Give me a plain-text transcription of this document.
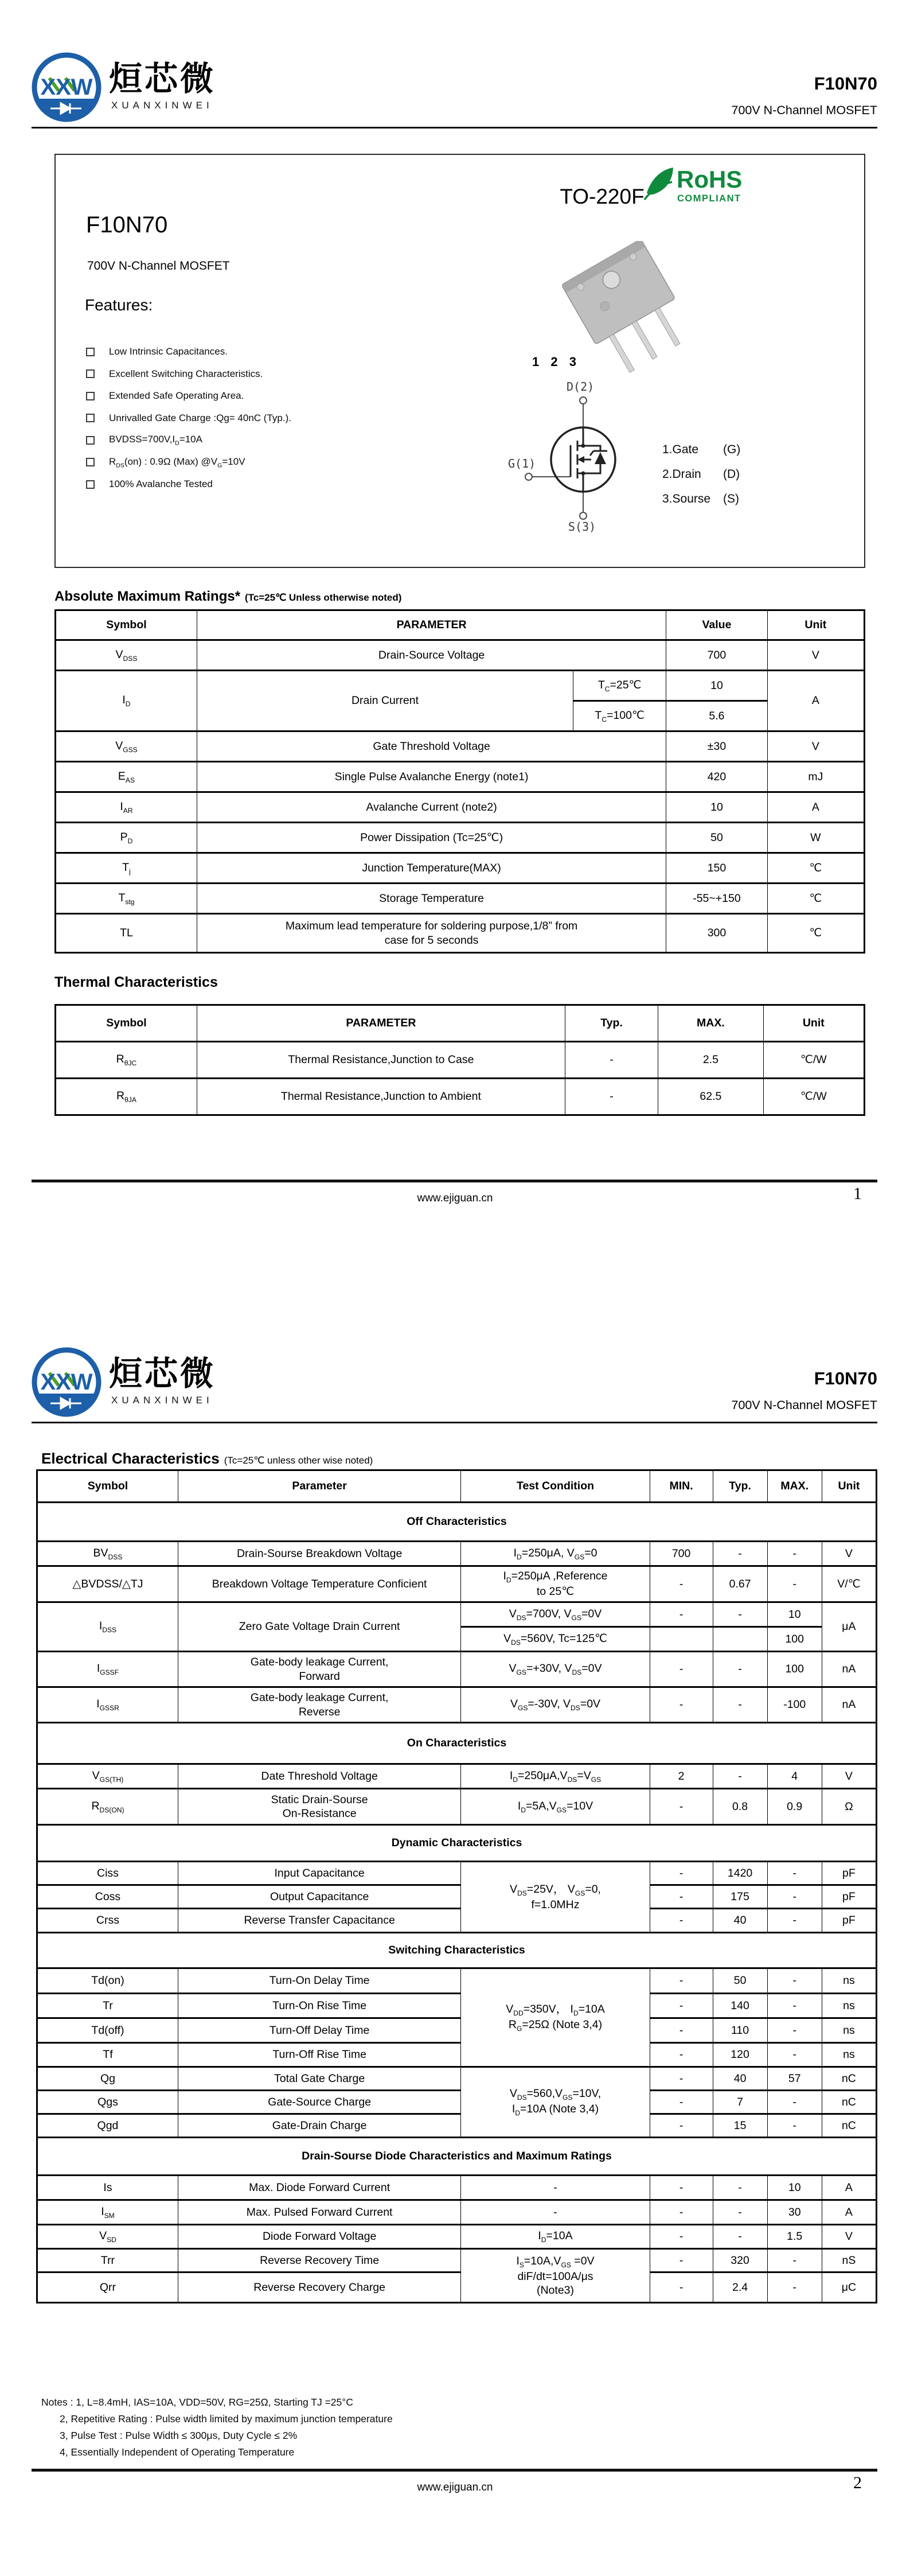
XXW 烜芯微
XUANXINWEI
F10N70
700V N-Channel MOSFET
F10N70
700V N-Channel MOSFET
Features:
Low Intrinsic Capacitances.
Excellent Switching Characteristics.
Extended Safe Operating Area.
Unrivalled Gate Charge :Qg= 40nC (Typ.).
$BVDSS=700V,I_D=10A$
$R_{DS}(on)$ : 0.9Ω (Max) $@V_G=10V$
100% Avalanche Tested
TO-220F
RoHS
COMPLIANT
1 2 3
D(2)
G(1)
S(3)
1.Gate	(G)
2.Drain	(D)
3.Sourse	(S)
Absolute Maximum Ratings* (Tc=25℃ Unless otherwise noted)
Symbol	PARAMETER		Value	Unit
$V_{DSS}$	Drain-Source Voltage		700	V
$I_D$	Drain Current	$T_C=25℃$	10	A
		$T_C=100℃$	5.6	
$V_{GSS}$	Gate Threshold Voltage		±30	V
$E_{AS}$	Single Pulse Avalanche Energy (note1)		420	mJ
$I_{AR}$	Avalanche Current (note2)		10	A
$P_D$	Power Dissipation (Tc=25℃)		50	W
$T_j$	Junction Temperature(MAX)		150	℃
$T_{stg}$	Storage Temperature		-55~+150	℃
TL	Maximum lead temperature for soldering purpose,1/8” from
case for 5 seconds		300	℃
Thermal Characteristics
Symbol	PARAMETER	Typ.	MAX.	Unit
$R_{\theta JC}$	Thermal Resistance,Junction to Case	-	2.5	℃/W
$R_{\theta JA}$	Thermal Resistance,Junction to Ambient	-	62.5	℃/W
www.ejiguan.cn	1
XXW 烜芯微
XUANXINWEI
F10N70
700V N-Channel MOSFET
Electrical Characteristics (Tc=25℃ unless other wise noted)
Symbol	Parameter	Test Condition	MIN.	Typ.	MAX.	Unit
Off Characteristics						
$BV_{DSS}$	Drain-Sourse Breakdown Voltage	$I_D=250\mu A$, $V_{GS}=0$	700	-	-	V
△BVDSS/△TJ	Breakdown Voltage Temperature Conficient	$I_D=250\mu A$ ,Reference
to 25℃	-	0.67	-	V/℃
$I_{DSS}$	Zero Gate Voltage Drain Current	$V_{DS}=700V$, $V_{GS}=0V$	-	-	10	μA
		$V_{DS}=560V$, Tc=125℃			100	
$I_{GSSF}$	Gate-body leakage Current,
Forward	$V_{GS}=+30V$, $V_{DS}=0V$	-	-	100	nA
$I_{GSSR}$	Gate-body leakage Current,
Reverse	$V_{GS}=-30V$, $V_{DS}=0V$	-	-	-100	nA
On Characteristics						
$V_{GS(TH)}$	Date Threshold Voltage	$I_D=250\mu A,V_{DS}=V_{GS}$	2	-	4	V
$R_{DS(ON)}$	Static Drain-Sourse
On-Resistance	$I_D=5A,V_{GS}=10V$	-	0.8	0.9	Ω
Dynamic Characteristics						
Ciss	Input Capacitance	$V_{DS}=25V$， $V_{GS}=0$,
f=1.0MHz	-	1420	-	pF
Coss	Output Capacitance		-	175	-	pF
Crss	Reverse Transfer Capacitance		-	40	-	pF
Switching Characteristics						
Td(on)	Turn-On Delay Time	$V_{DD}=350V$， $I_D=10A$
$R_G=25\Omega$ (Note 3,4)	-	50	-	ns
Tr	Turn-On Rise Time		-	140	-	ns
Td(off)	Turn-Off Delay Time		-	110	-	ns
Tf	Turn-Off Rise Time		-	120	-	ns
Qg	Total Gate Charge	$V_{DS}=560,V_{GS}=10V$,
$I_D=10A$ (Note 3,4)	-	40	57	nC
Qgs	Gate-Source Charge		-	7	-	nC
Qgd	Gate-Drain Charge		-	15	-	nC
Drain-Sourse Diode Characteristics and Maximum Ratings						
Is	Max. Diode Forward Current	-	-	-	10	A
$I_{SM}$	Max. Pulsed Forward Current	-	-	-	30	A
$V_{SD}$	Diode Forward Voltage	$I_D=10A$	-	-	1.5	V
Trr	Reverse Recovery Time	$I_S=10A,V_{GS} =0V$
diF/dt=100A/μs
(Note3)	-	320	-	nS
Qrr	Reverse Recovery Charge		-	2.4	-	μC
Notes : 1, L=8.4mH, IAS=10A, VDD=50V, RG=25Ω, Starting TJ =25°C
2, Repetitive Rating : Pulse width limited by maximum junction temperature
3, Pulse Test : Pulse Width ≤ 300μs, Duty Cycle ≤ 2%
4, Essentially Independent of Operating Temperature
www.ejiguan.cn	2
